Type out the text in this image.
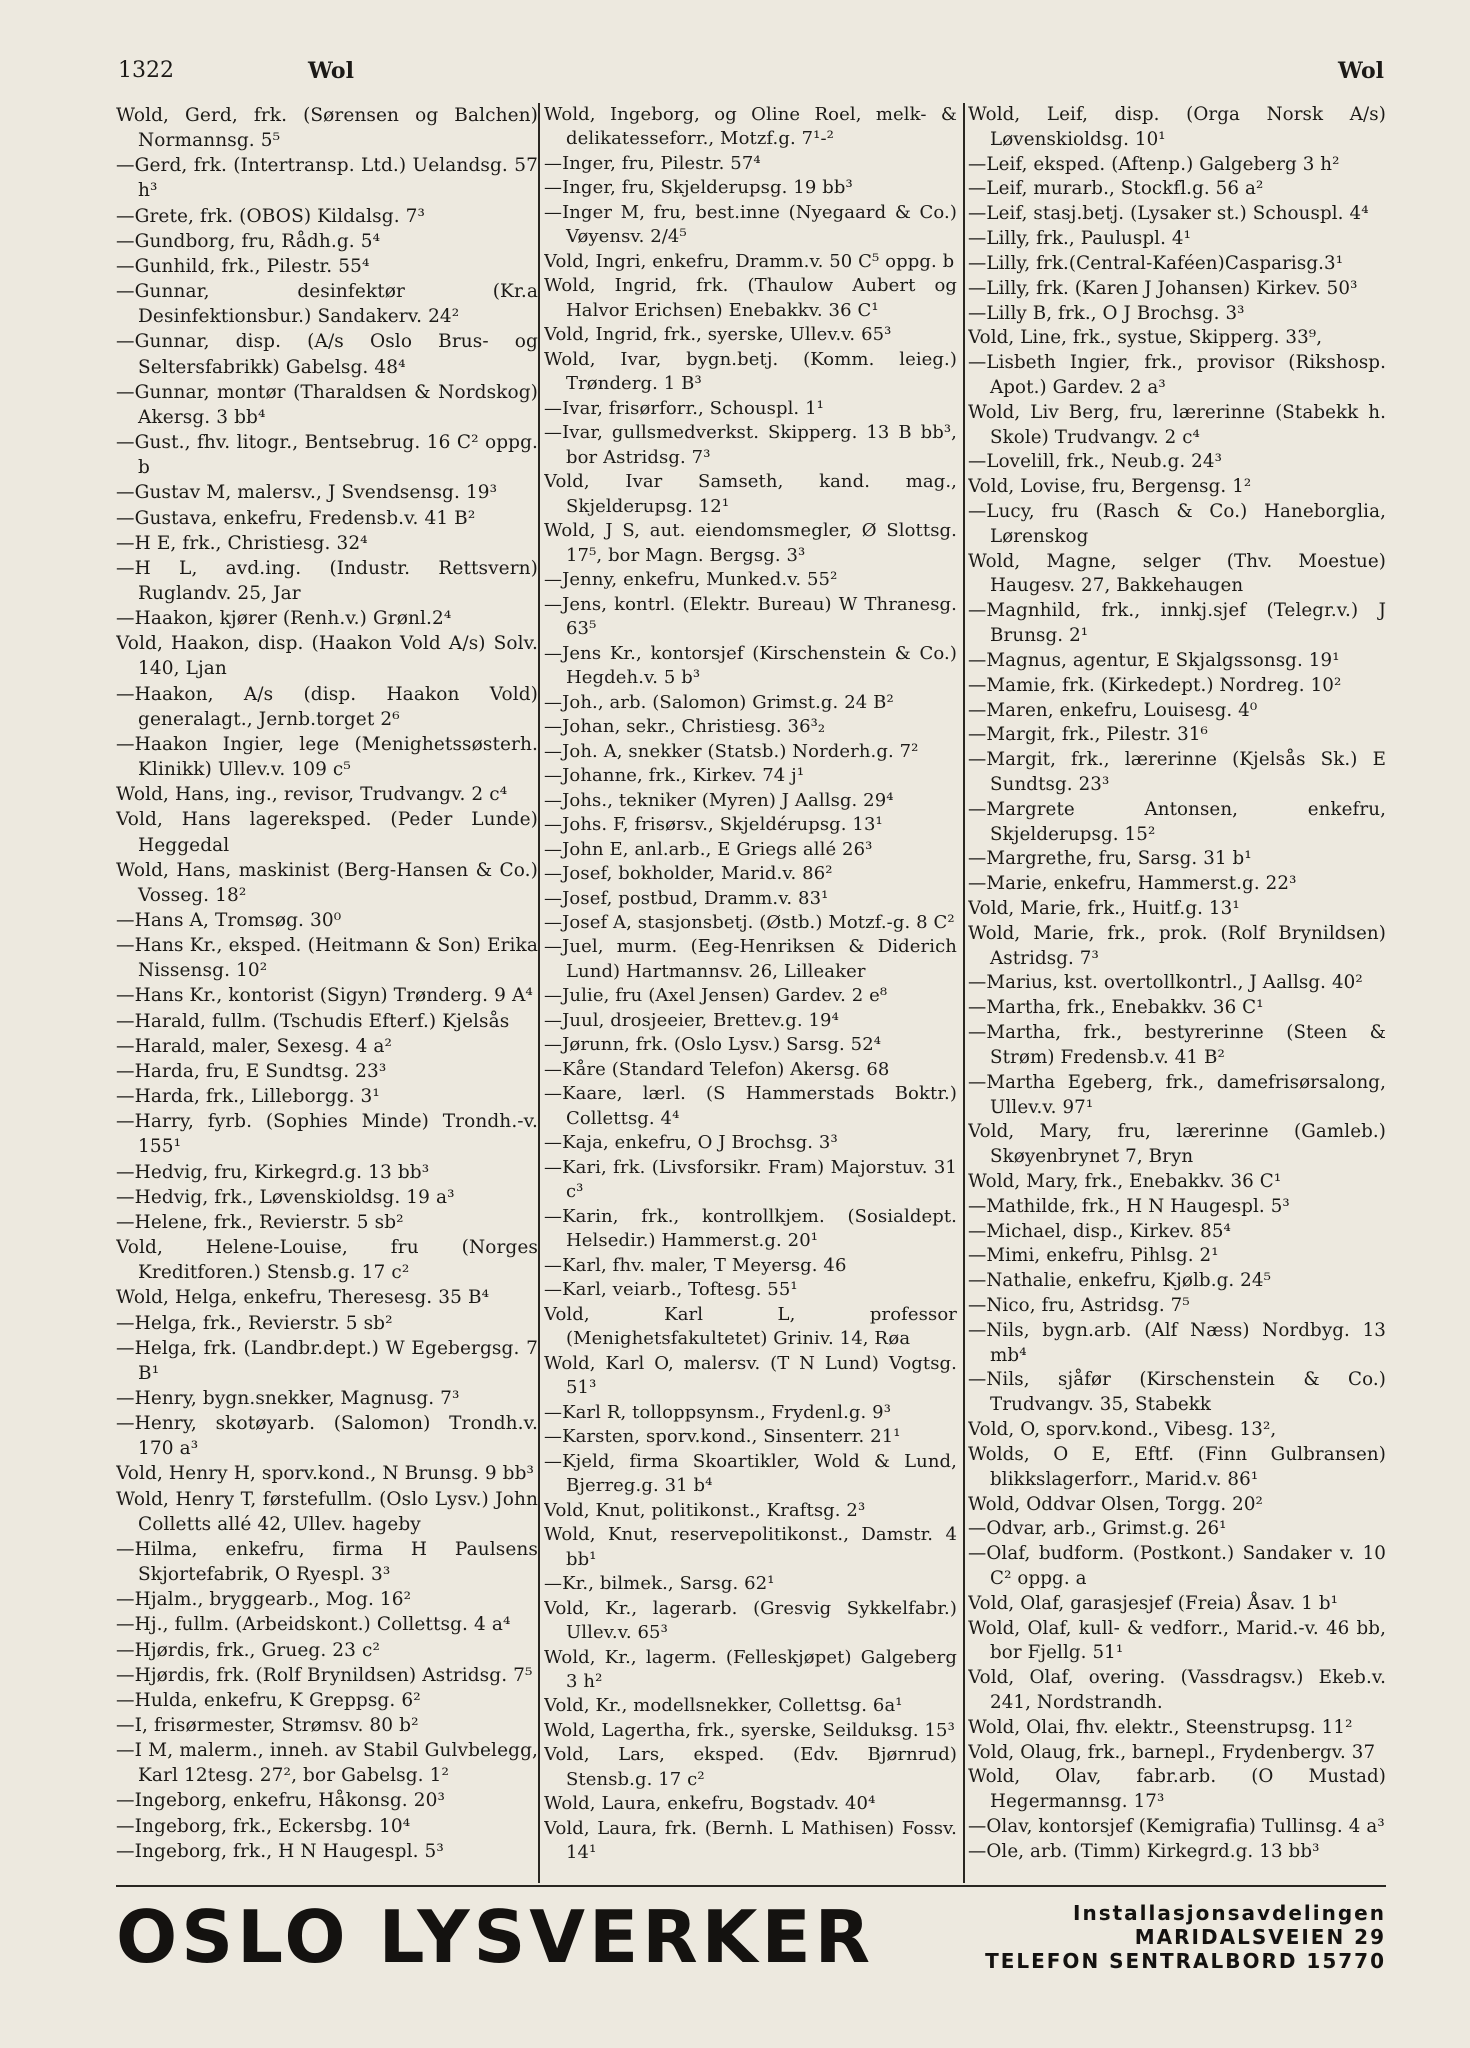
1322	Wol	Wol

Wold, Gerd, frk. (Sørensen og Balchen) Normannsg. 5⁵

—Gerd, frk. (Intertransp. Ltd.) Uelandsg. 57 h³

—Grete, frk. (OBOS) Kildalsg. 7³

—Gundborg, fru, Rådh.g. 5⁴

—Gunhild, frk., Pilestr. 55⁴

—Gunnar, desinfektør (Kr.a Desinfektionsbur.) Sandakerv. 24²

—Gunnar, disp. (A/s Oslo Brus- og Seltersfabrikk) Gabelsg. 48⁴

—Gunnar, montør (Tharaldsen & Nordskog) Akersg. 3 bb⁴

—Gust., fhv. litogr., Bentsebrug. 16 C² oppg. b

—Gustav M, malersv., J Svendsensg. 19³

—Gustava, enkefru, Fredensb.v. 41 B²

—H E, frk., Christiesg. 32⁴

—H L, avd.ing. (Industr. Rettsvern) Ruglandv. 25, Jar

—Haakon, kjører (Renh.v.) Grønl.2⁴

Vold, Haakon, disp. (Haakon Vold A/s) Solv. 140, Ljan

—Haakon, A/s (disp. Haakon Vold) generalagt., Jernb.torget 2⁶

—Haakon Ingier, lege (Menighetssøsterh. Klinikk) Ullev.v. 109 c⁵

Wold, Hans, ing., revisor, Trudvangv. 2 c⁴

Vold, Hans lagereksped. (Peder Lunde) Heggedal

Wold, Hans, maskinist (Berg-Hansen & Co.) Vosseg. 18²

—Hans A, Tromsøg. 30⁰

—Hans Kr., eksped. (Heitmann & Son) Erika Nissensg. 10²

—Hans Kr., kontorist (Sigyn) Trønderg. 9 A⁴

—Harald, fullm. (Tschudis Efterf.) Kjelsås

—Harald, maler, Sexesg. 4 a²

—Harda, fru, E Sundtsg. 23³

—Harda, frk., Lilleborgg. 3¹

—Harry, fyrb. (Sophies Minde) Trondh.-v. 155¹

—Hedvig, fru, Kirkegrd.g. 13 bb³

—Hedvig, frk., Løvenskioldsg. 19 a³

—Helene, frk., Revierstr. 5 sb²

Vold, Helene-Louise, fru (Norges Kreditforen.) Stensb.g. 17 c²

Wold, Helga, enkefru, Theresesg. 35 B⁴

—Helga, frk., Revierstr. 5 sb²

—Helga, frk. (Landbr.dept.) W Egebergsg. 7 B¹

—Henry, bygn.snekker, Magnusg. 7³

—Henry, skotøyarb. (Salomon) Trondh.v. 170 a³

Vold, Henry H, sporv.kond., N Brunsg. 9 bb³

Wold, Henry T, førstefullm. (Oslo Lysv.) John Colletts allé 42, Ullev. hageby

—Hilma, enkefru, firma H Paulsens Skjortefabrik, O Ryespl. 3³

—Hjalm., bryggearb., Mog. 16²

—Hj., fullm. (Arbeidskont.) Collettsg. 4 a⁴

—Hjørdis, frk., Grueg. 23 c²

—Hjørdis, frk. (Rolf Brynildsen) Astridsg. 7⁵

—Hulda, enkefru, K Greppsg. 6²

—I, frisørmester, Strømsv. 80 b²

—I M, malerm., inneh. av Stabil Gulvbelegg, Karl 12tesg. 27², bor Gabelsg. 1²

—Ingeborg, enkefru, Håkonsg. 20³

—Ingeborg, frk., Eckersbg. 10⁴

—Ingeborg, frk., H N Haugespl. 5³

Wold, Ingeborg, og Oline Roel, melk- & delikatesseforr., Motzf.g. 7¹-²

—Inger, fru, Pilestr. 57⁴

—Inger, fru, Skjelderupsg. 19 bb³

—Inger M, fru, best.inne (Nyegaard & Co.) Vøyensv. 2/4⁵

Vold, Ingri, enkefru, Dramm.v. 50 C⁵ oppg. b

Wold, Ingrid, frk. (Thaulow Aubert og Halvor Erichsen) Enebakkv. 36 C¹

Vold, Ingrid, frk., syerske, Ullev.v. 65³

Wold, Ivar, bygn.betj. (Komm. leieg.) Trønderg. 1 B³

—Ivar, frisørforr., Schouspl. 1¹

—Ivar, gullsmedverkst. Skipperg. 13 B bb³, bor Astridsg. 7³

Vold, Ivar Samseth, kand. mag., Skjelderupsg. 12¹

Wold, J S, aut. eiendomsmegler, Ø Slottsg. 17⁵, bor Magn. Bergsg. 3³

—Jenny, enkefru, Munked.v. 55²

—Jens, kontrl. (Elektr. Bureau) W Thranesg. 63⁵

—Jens Kr., kontorsjef (Kirschenstein & Co.) Hegdeh.v. 5 b³

—Joh., arb. (Salomon) Grimst.g. 24 B²

—Johan, sekr., Christiesg. 36³₂

—Joh. A, snekker (Statsb.) Norderh.g. 7²

—Johanne, frk., Kirkev. 74 j¹

—Johs., tekniker (Myren) J Aallsg. 29⁴

—Johs. F, frisørsv., Skjeldérupsg. 13¹

—John E, anl.arb., E Griegs allé 26³

—Josef, bokholder, Marid.v. 86²

—Josef, postbud, Dramm.v. 83¹

—Josef A, stasjonsbetj. (Østb.) Motzf.-g. 8 C²

—Juel, murm. (Eeg-Henriksen & Diderich Lund) Hartmannsv. 26, Lilleaker

—Julie, fru (Axel Jensen) Gardev. 2 e⁸

—Juul, drosjeeier, Brettev.g. 19⁴

—Jørunn, frk. (Oslo Lysv.) Sarsg. 52⁴

—Kåre (Standard Telefon) Akersg. 68

—Kaare, lærl. (S Hammerstads Boktr.) Collettsg. 4⁴

—Kaja, enkefru, O J Brochsg. 3³

—Kari, frk. (Livsforsikr. Fram) Majorstuv. 31 c³

—Karin, frk., kontrollkjem. (Sosialdept. Helsedir.) Hammerst.g. 20¹

—Karl, fhv. maler, T Meyersg. 46

—Karl, veiarb., Toftesg. 55¹

Vold, Karl L, professor (Menighetsfakultetet) Griniv. 14, Røa

Wold, Karl O, malersv. (T N Lund) Vogtsg. 51³

—Karl R, tolloppsynsm., Frydenl.g. 9³

—Karsten, sporv.kond., Sinsenterr. 21¹

—Kjeld, firma Skoartikler, Wold & Lund, Bjerreg.g. 31 b⁴

Vold, Knut, politikonst., Kraftsg. 2³

Wold, Knut, reservepolitikonst., Damstr. 4 bb¹

—Kr., bilmek., Sarsg. 62¹

Vold, Kr., lagerarb. (Gresvig Sykkelfabr.) Ullev.v. 65³

Wold, Kr., lagerm. (Felleskjøpet) Galgeberg 3 h²

Vold, Kr., modellsnekker, Collettsg. 6a¹

Wold, Lagertha, frk., syerske, Seilduksg. 15³

Vold, Lars, eksped. (Edv. Bjørnrud) Stensb.g. 17 c²

Wold, Laura, enkefru, Bogstadv. 40⁴

Vold, Laura, frk. (Bernh. L Mathisen) Fossv. 14¹

Wold, Leif, disp. (Orga Norsk A/s) Løvenskioldsg. 10¹

—Leif, eksped. (Aftenp.) Galgeberg 3 h²

—Leif, murarb., Stockfl.g. 56 a²

—Leif, stasj.betj. (Lysaker st.) Schouspl. 4⁴

—Lilly, frk., Pauluspl. 4¹

—Lilly, frk.(Central-Kaféen)Casparisg.3¹

—Lilly, frk. (Karen J Johansen) Kirkev. 50³

—Lilly B, frk., O J Brochsg. 3³

Vold, Line, frk., systue, Skipperg. 33⁹,

—Lisbeth Ingier, frk., provisor (Rikshosp. Apot.) Gardev. 2 a³

Wold, Liv Berg, fru, lærerinne (Stabekk h. Skole) Trudvangv. 2 c⁴

—Lovelill, frk., Neub.g. 24³

Vold, Lovise, fru, Bergensg. 1²

—Lucy, fru (Rasch & Co.) Haneborglia, Lørenskog

Wold, Magne, selger (Thv. Moestue) Haugesv. 27, Bakkehaugen

—Magnhild, frk., innkj.sjef (Telegr.v.) J Brunsg. 2¹

—Magnus, agentur, E Skjalgssonsg. 19¹

—Mamie, frk. (Kirkedept.) Nordreg. 10²

—Maren, enkefru, Louisesg. 4⁰

—Margit, frk., Pilestr. 31⁶

—Margit, frk., lærerinne (Kjelsås Sk.) E Sundtsg. 23³

—Margrete Antonsen, enkefru, Skjelderupsg. 15²

—Margrethe, fru, Sarsg. 31 b¹

—Marie, enkefru, Hammerst.g. 22³

Vold, Marie, frk., Huitf.g. 13¹

Wold, Marie, frk., prok. (Rolf Brynildsen) Astridsg. 7³

—Marius, kst. overtollkontrl., J Aallsg. 40²

—Martha, frk., Enebakkv. 36 C¹

—Martha, frk., bestyrerinne (Steen & Strøm) Fredensb.v. 41 B²

—Martha Egeberg, frk., damefrisørsalong, Ullev.v. 97¹

Vold, Mary, fru, lærerinne (Gamleb.) Skøyenbrynet 7, Bryn

Wold, Mary, frk., Enebakkv. 36 C¹

—Mathilde, frk., H N Haugespl. 5³

—Michael, disp., Kirkev. 85⁴

—Mimi, enkefru, Pihlsg. 2¹

—Nathalie, enkefru, Kjølb.g. 24⁵

—Nico, fru, Astridsg. 7⁵

—Nils, bygn.arb. (Alf Næss) Nordbyg. 13 mb⁴

—Nils, sjåfør (Kirschenstein & Co.) Trudvangv. 35, Stabekk

Vold, O, sporv.kond., Vibesg. 13²,

Wolds, O E, Eftf. (Finn Gulbransen) blikkslagerforr., Marid.v. 86¹

Wold, Oddvar Olsen, Torgg. 20²

—Odvar, arb., Grimst.g. 26¹

—Olaf, budform. (Postkont.) Sandaker v. 10 C² oppg. a

Vold, Olaf, garasjesjef (Freia) Åsav. 1 b¹

Wold, Olaf, kull- & vedforr., Marid.-v. 46 bb, bor Fjellg. 51¹

Vold, Olaf, overing. (Vassdragsv.) Ekeb.v. 241, Nordstrandh.

Wold, Olai, fhv. elektr., Steenstrupsg. 11²

Vold, Olaug, frk., barnepl., Frydenbergv. 37

Wold, Olav, fabr.arb. (O Mustad) Hegermannsg. 17³

—Olav, kontorsjef (Kemigrafia) Tullinsg. 4 a³

—Ole, arb. (Timm) Kirkegrd.g. 13 bb³

OSLO LYSVERKER	Installasjonsavdelingen
MARIDALSVEIEN 29
TELEFON SENTRALBORD 15770
